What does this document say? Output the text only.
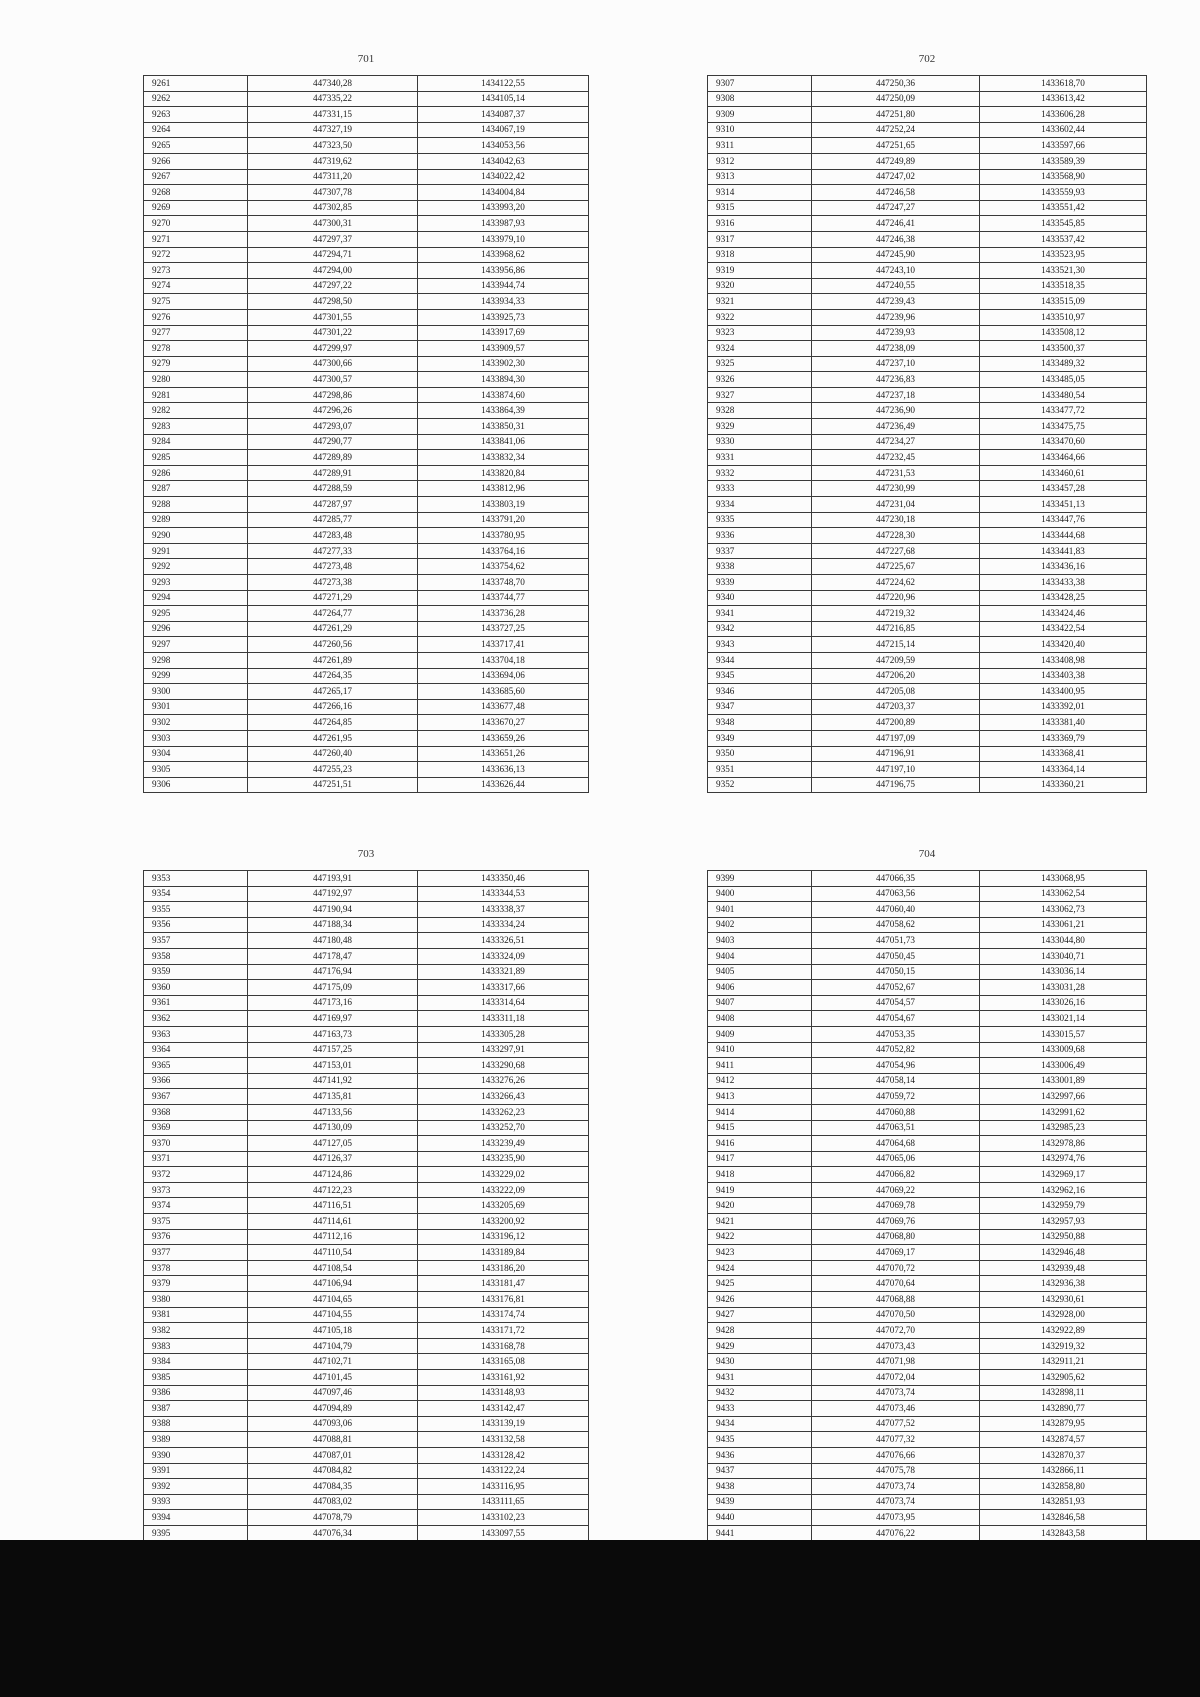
701
9261	447340,28	1434122,55
9262	447335,22	1434105,14
9263	447331,15	1434087,37
9264	447327,19	1434067,19
9265	447323,50	1434053,56
9266	447319,62	1434042,63
9267	447311,20	1434022,42
9268	447307,78	1434004,84
9269	447302,85	1433993,20
9270	447300,31	1433987,93
9271	447297,37	1433979,10
9272	447294,71	1433968,62
9273	447294,00	1433956,86
9274	447297,22	1433944,74
9275	447298,50	1433934,33
9276	447301,55	1433925,73
9277	447301,22	1433917,69
9278	447299,97	1433909,57
9279	447300,66	1433902,30
9280	447300,57	1433894,30
9281	447298,86	1433874,60
9282	447296,26	1433864,39
9283	447293,07	1433850,31
9284	447290,77	1433841,06
9285	447289,89	1433832,34
9286	447289,91	1433820,84
9287	447288,59	1433812,96
9288	447287,97	1433803,19
9289	447285,77	1433791,20
9290	447283,48	1433780,95
9291	447277,33	1433764,16
9292	447273,48	1433754,62
9293	447273,38	1433748,70
9294	447271,29	1433744,77
9295	447264,77	1433736,28
9296	447261,29	1433727,25
9297	447260,56	1433717,41
9298	447261,89	1433704,18
9299	447264,35	1433694,06
9300	447265,17	1433685,60
9301	447266,16	1433677,48
9302	447264,85	1433670,27
9303	447261,95	1433659,26
9304	447260,40	1433651,26
9305	447255,23	1433636,13
9306	447251,51	1433626,44
702
9307	447250,36	1433618,70
9308	447250,09	1433613,42
9309	447251,80	1433606,28
9310	447252,24	1433602,44
9311	447251,65	1433597,66
9312	447249,89	1433589,39
9313	447247,02	1433568,90
9314	447246,58	1433559,93
9315	447247,27	1433551,42
9316	447246,41	1433545,85
9317	447246,38	1433537,42
9318	447245,90	1433523,95
9319	447243,10	1433521,30
9320	447240,55	1433518,35
9321	447239,43	1433515,09
9322	447239,96	1433510,97
9323	447239,93	1433508,12
9324	447238,09	1433500,37
9325	447237,10	1433489,32
9326	447236,83	1433485,05
9327	447237,18	1433480,54
9328	447236,90	1433477,72
9329	447236,49	1433475,75
9330	447234,27	1433470,60
9331	447232,45	1433464,66
9332	447231,53	1433460,61
9333	447230,99	1433457,28
9334	447231,04	1433451,13
9335	447230,18	1433447,76
9336	447228,30	1433444,68
9337	447227,68	1433441,83
9338	447225,67	1433436,16
9339	447224,62	1433433,38
9340	447220,96	1433428,25
9341	447219,32	1433424,46
9342	447216,85	1433422,54
9343	447215,14	1433420,40
9344	447209,59	1433408,98
9345	447206,20	1433403,38
9346	447205,08	1433400,95
9347	447203,37	1433392,01
9348	447200,89	1433381,40
9349	447197,09	1433369,79
9350	447196,91	1433368,41
9351	447197,10	1433364,14
9352	447196,75	1433360,21
703
9353	447193,91	1433350,46
9354	447192,97	1433344,53
9355	447190,94	1433338,37
9356	447188,34	1433334,24
9357	447180,48	1433326,51
9358	447178,47	1433324,09
9359	447176,94	1433321,89
9360	447175,09	1433317,66
9361	447173,16	1433314,64
9362	447169,97	1433311,18
9363	447163,73	1433305,28
9364	447157,25	1433297,91
9365	447153,01	1433290,68
9366	447141,92	1433276,26
9367	447135,81	1433266,43
9368	447133,56	1433262,23
9369	447130,09	1433252,70
9370	447127,05	1433239,49
9371	447126,37	1433235,90
9372	447124,86	1433229,02
9373	447122,23	1433222,09
9374	447116,51	1433205,69
9375	447114,61	1433200,92
9376	447112,16	1433196,12
9377	447110,54	1433189,84
9378	447108,54	1433186,20
9379	447106,94	1433181,47
9380	447104,65	1433176,81
9381	447104,55	1433174,74
9382	447105,18	1433171,72
9383	447104,79	1433168,78
9384	447102,71	1433165,08
9385	447101,45	1433161,92
9386	447097,46	1433148,93
9387	447094,89	1433142,47
9388	447093,06	1433139,19
9389	447088,81	1433132,58
9390	447087,01	1433128,42
9391	447084,82	1433122,24
9392	447084,35	1433116,95
9393	447083,02	1433111,65
9394	447078,79	1433102,23
9395	447076,34	1433097,55

704
9399	447066,35	1433068,95
9400	447063,56	1433062,54
9401	447060,40	1433062,73
9402	447058,62	1433061,21
9403	447051,73	1433044,80
9404	447050,45	1433040,71
9405	447050,15	1433036,14
9406	447052,67	1433031,28
9407	447054,57	1433026,16
9408	447054,67	1433021,14
9409	447053,35	1433015,57
9410	447052,82	1433009,68
9411	447054,96	1433006,49
9412	447058,14	1433001,89
9413	447059,72	1432997,66
9414	447060,88	1432991,62
9415	447063,51	1432985,23
9416	447064,68	1432978,86
9417	447065,06	1432974,76
9418	447066,82	1432969,17
9419	447069,22	1432962,16
9420	447069,78	1432959,79
9421	447069,76	1432957,93
9422	447068,80	1432950,88
9423	447069,17	1432946,48
9424	447070,72	1432939,48
9425	447070,64	1432936,38
9426	447068,88	1432930,61
9427	447070,50	1432928,00
9428	447072,70	1432922,89
9429	447073,43	1432919,32
9430	447071,98	1432911,21
9431	447072,04	1432905,62
9432	447073,74	1432898,11
9433	447073,46	1432890,77
9434	447077,52	1432879,95
9435	447077,32	1432874,57
9436	447076,66	1432870,37
9437	447075,78	1432866,11
9438	447073,74	1432858,80
9439	447073,74	1432851,93
9440	447073,95	1432846,58
9441	447076,22	1432843,58
